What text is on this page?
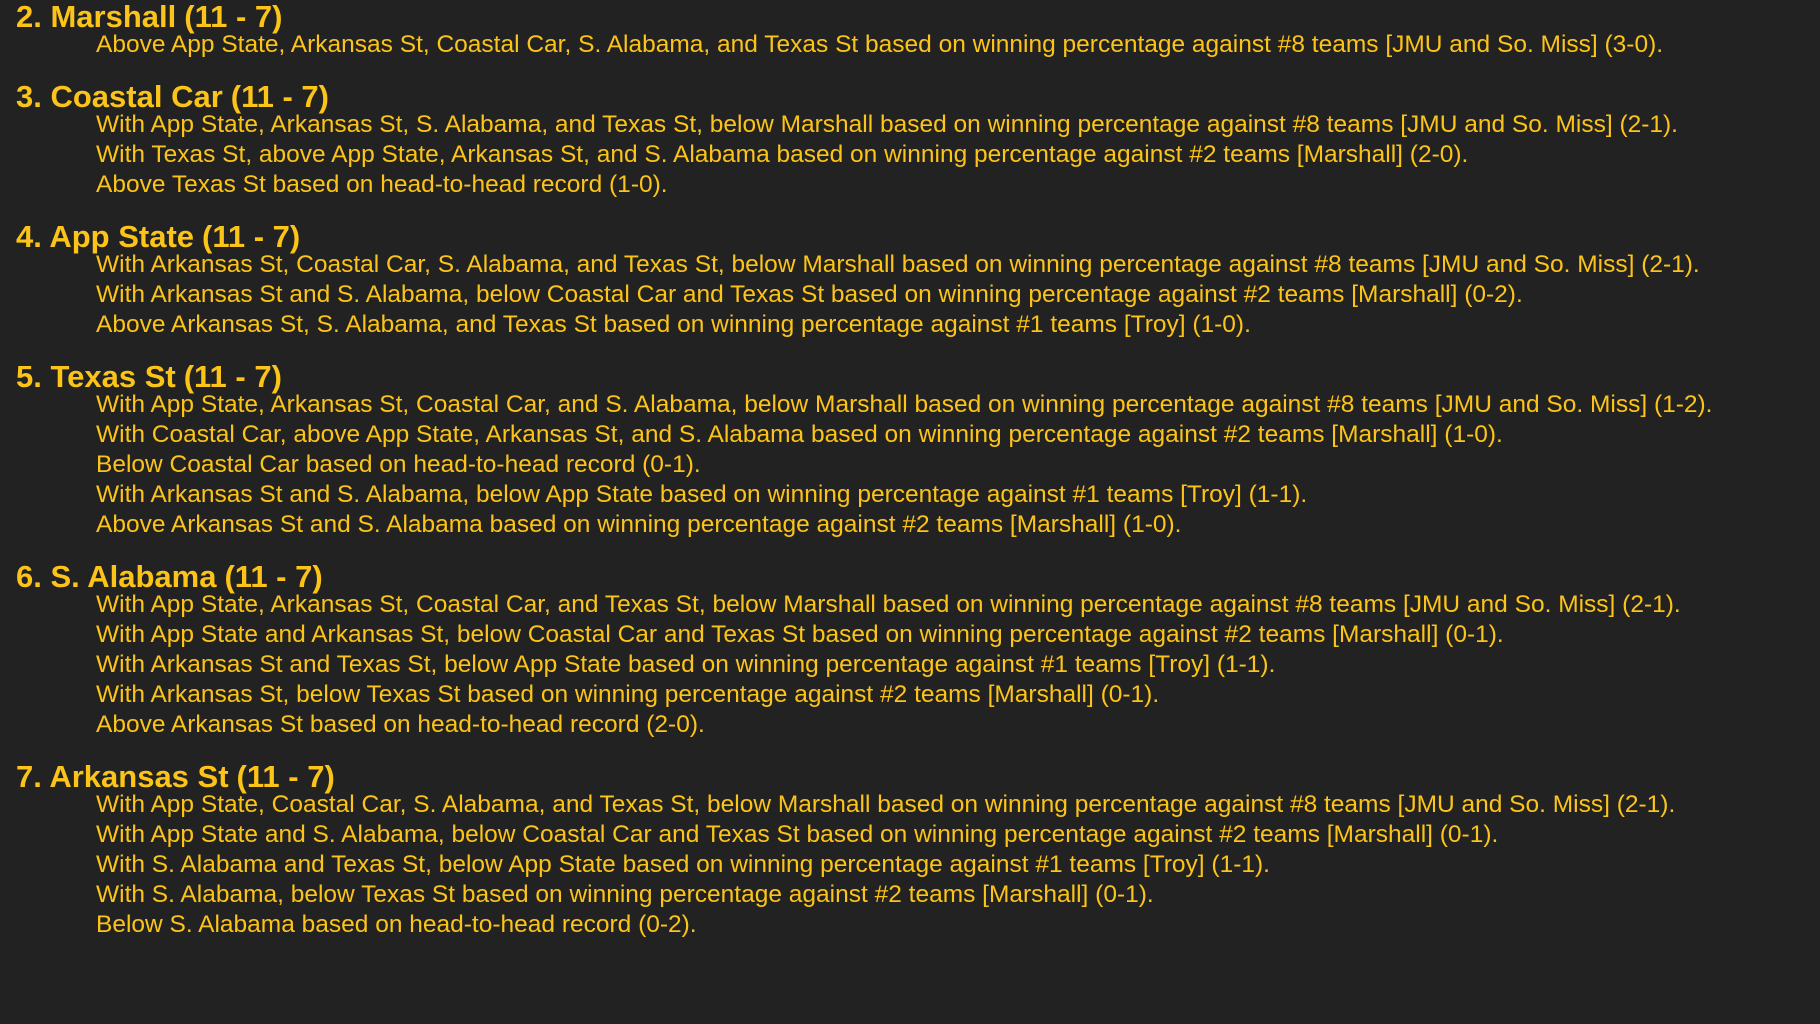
2 . Marshall ( 11 - 7 )
Above App State, Arkansas St, Coastal Car, S. Alabama, and Texas St based on winning percentage against #8 teams [JMU and So. Miss] (3-0).
3 . Coastal Car ( 11 - 7 )
With App State, Arkansas St, S. Alabama, and Texas St, below Marshall based on winning percentage against #8 teams [JMU and So. Miss] (2-1).
With Texas St, above App State, Arkansas St, and S. Alabama based on winning percentage against #2 teams [Marshall] (2-0).
Above Texas St based on head-to-head record (1-0).
4 . App State ( 11 - 7 )
With Arkansas St, Coastal Car, S. Alabama, and Texas St, below Marshall based on winning percentage against #8 teams [JMU and So. Miss] (2-1).
With Arkansas St and S. Alabama, below Coastal Car and Texas St based on winning percentage against #2 teams [Marshall] (0-2).
Above Arkansas St, S. Alabama, and Texas St based on winning percentage against #1 teams [Troy] (1-0).
5 . Texas St ( 11 - 7 )
With App State, Arkansas St, Coastal Car, and S. Alabama, below Marshall based on winning percentage against #8 teams [JMU and So. Miss] (1-2).
With Coastal Car, above App State, Arkansas St, and S. Alabama based on winning percentage against #2 teams [Marshall] (1-0).
Below Coastal Car based on head-to-head record (0-1).
With Arkansas St and S. Alabama, below App State based on winning percentage against #1 teams [Troy] (1-1).
Above Arkansas St and S. Alabama based on winning percentage against #2 teams [Marshall] (1-0).
6 . S. Alabama ( 11 - 7 )
With App State, Arkansas St, Coastal Car, and Texas St, below Marshall based on winning percentage against #8 teams [JMU and So. Miss] (2-1).
With App State and Arkansas St, below Coastal Car and Texas St based on winning percentage against #2 teams [Marshall] (0-1).
With Arkansas St and Texas St, below App State based on winning percentage against #1 teams [Troy] (1-1).
With Arkansas St, below Texas St based on winning percentage against #2 teams [Marshall] (0-1).
Above Arkansas St based on head-to-head record (2-0).
7 . Arkansas St ( 11 - 7 )
With App State, Coastal Car, S. Alabama, and Texas St, below Marshall based on winning percentage against #8 teams [JMU and So. Miss] (2-1).
With App State and S. Alabama, below Coastal Car and Texas St based on winning percentage against #2 teams [Marshall] (0-1).
With S. Alabama and Texas St, below App State based on winning percentage against #1 teams [Troy] (1-1).
With S. Alabama, below Texas St based on winning percentage against #2 teams [Marshall] (0-1).
Below S. Alabama based on head-to-head record (0-2).
